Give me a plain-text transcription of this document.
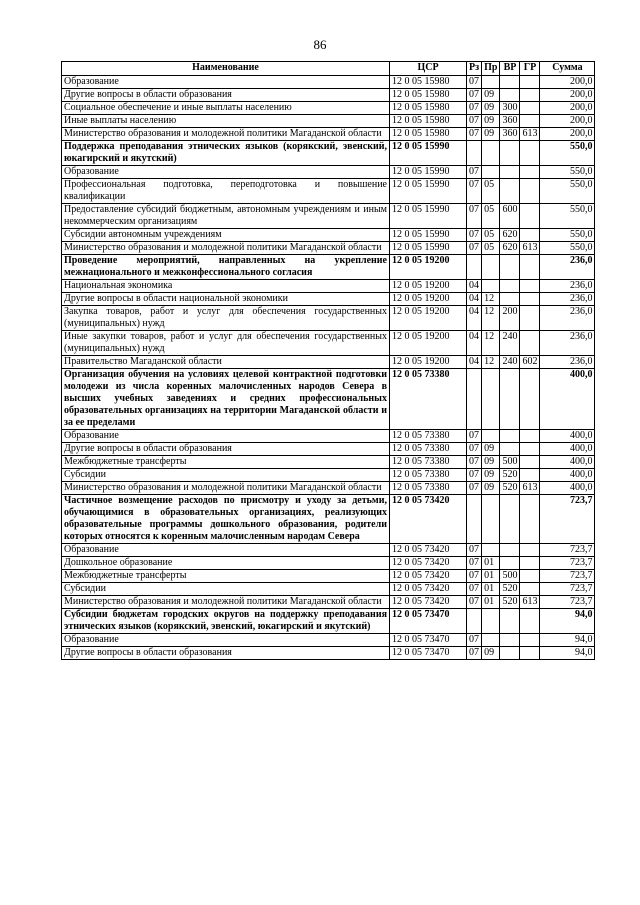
86
Наименование	ЦСР	Рз	Пр	ВР	ГР	Сумма
Образование	12 0 05 15980	07				200,0
Другие вопросы в области образования	12 0 05 15980	07	09			200,0
Социальное обеспечение и иные выплаты населению	12 0 05 15980	07	09	300		200,0
Иные выплаты населению	12 0 05 15980	07	09	360		200,0
Министерство образования и молодежной политики Магаданской области	12 0 05 15980	07	09	360	613	200,0
Поддержка преподавания этнических языков (корякский, эвенский, юкагирский и якутский)	12 0 05 15990					550,0
Образование	12 0 05 15990	07				550,0
Профессиональная подготовка, переподготовка и повышение квалификации	12 0 05 15990	07	05			550,0
Предоставление субсидий бюджетным, автономным учреждениям и иным некоммерческим организациям	12 0 05 15990	07	05	600		550,0
Субсидии автономным учреждениям	12 0 05 15990	07	05	620		550,0
Министерство образования и молодежной политики Магаданской области	12 0 05 15990	07	05	620	613	550,0
Проведение мероприятий, направленных на укрепление межнационального и межконфессионального согласия	12 0 05 19200					236,0
Национальная экономика	12 0 05 19200	04				236,0
Другие вопросы в области национальной экономики	12 0 05 19200	04	12			236,0
Закупка товаров, работ и услуг для обеспечения государственных (муниципальных) нужд	12 0 05 19200	04	12	200		236,0
Иные закупки товаров, работ и услуг для обеспечения государственных (муниципальных) нужд	12 0 05 19200	04	12	240		236,0
Правительство Магаданской области	12 0 05 19200	04	12	240	602	236,0
Организация обучения на условиях целевой контрактной подготовки молодежи из числа коренных малочисленных народов Севера в высших учебных заведениях и средних профессиональных образовательных организациях на территории Магаданской области и за ее пределами	12 0 05 73380					400,0
Образование	12 0 05 73380	07				400,0
Другие вопросы в области образования	12 0 05 73380	07	09			400,0
Межбюджетные трансферты	12 0 05 73380	07	09	500		400,0
Субсидии	12 0 05 73380	07	09	520		400,0
Министерство образования и молодежной политики Магаданской области	12 0 05 73380	07	09	520	613	400,0
Частичное возмещение расходов по присмотру и уходу за детьми, обучающимися в образовательных организациях, реализующих образовательные программы дошкольного образования, родители которых относятся к коренным малочисленным народам Севера	12 0 05 73420					723,7
Образование	12 0 05 73420	07				723,7
Дошкольное образование	12 0 05 73420	07	01			723,7
Межбюджетные трансферты	12 0 05 73420	07	01	500		723,7
Субсидии	12 0 05 73420	07	01	520		723,7
Министерство образования и молодежной политики Магаданской области	12 0 05 73420	07	01	520	613	723,7
Субсидии бюджетам городских округов на поддержку преподавания этнических языков (корякский, эвенский, юкагирский и якутский)	12 0 05 73470					94,0
Образование	12 0 05 73470	07				94,0
Другие вопросы в области образования	12 0 05 73470	07	09			94,0
